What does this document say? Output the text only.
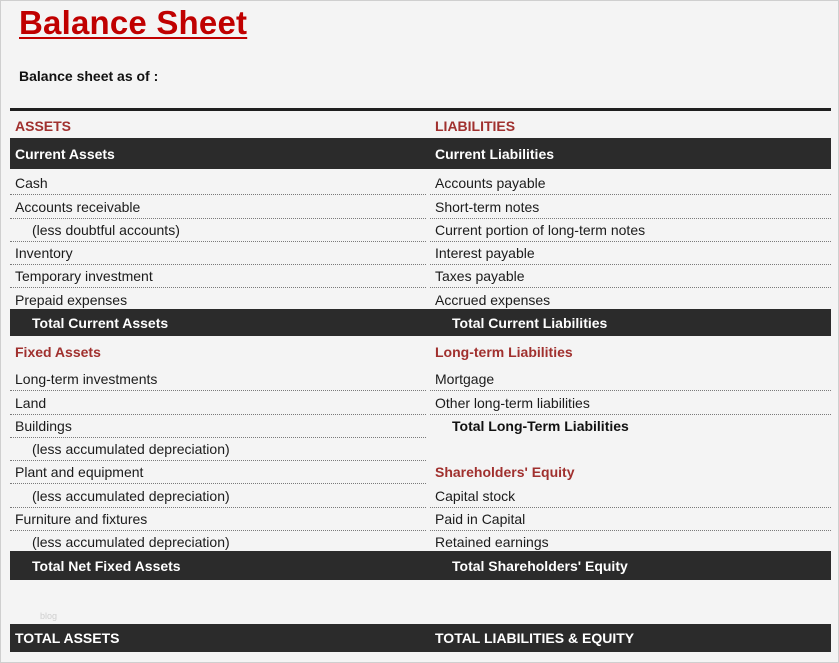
Balance Sheet
Balance sheet as of :
ASSETS	LIABILITIES
Current Assets	Current Liabilities
Cash	Accounts payable
Accounts receivable	Short-term notes
(less doubtful accounts)	Current portion of long-term notes
Inventory	Interest payable
Temporary investment	Taxes payable
Prepaid expenses	Accrued expenses
Total Current Assets	Total Current Liabilities
Fixed Assets	Long-term Liabilities
Long-term investments	Mortgage
Land	Other long-term liabilities
Buildings	Total Long-Term Liabilities
(less accumulated depreciation)
Plant and equipment	Shareholders' Equity
(less accumulated depreciation)	Capital stock
Furniture and fixtures	Paid in Capital
(less accumulated depreciation)	Retained earnings
Total Net Fixed Assets	Total Shareholders' Equity
blog
TOTAL ASSETS	TOTAL LIABILITIES & EQUITY
